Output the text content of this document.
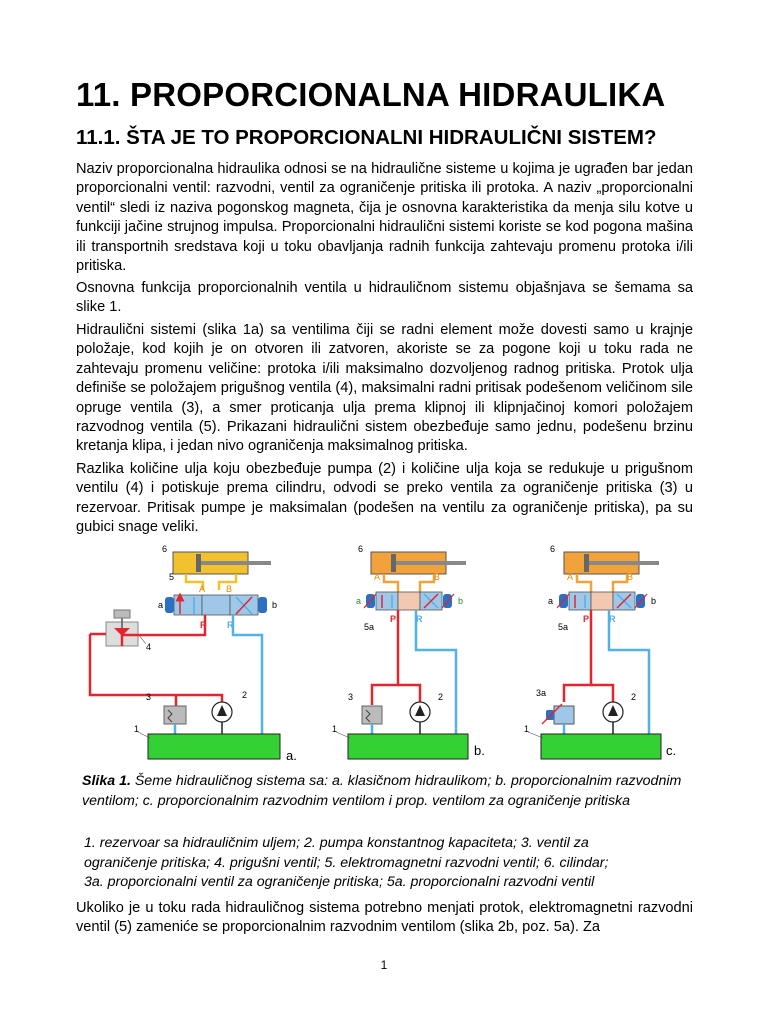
11. PROPORCIONALNA HIDRAULIKA
11.1. ŠTA JE TO PROPORCIONALNI HIDRAULIČNI SISTEM?

Naziv proporcionalna hidraulika odnosi se na hidraulične sisteme u kojima je ugrađen bar jedan proporcionalni ventil: razvodni, ventil za ograničenje pritiska ili protoka. A naziv „proporcionalni ventil“ sledi iz naziva pogonskog magneta, čija je osnovna karakteristika da menja silu kotve u funkciji jačine strujnog impulsa. Proporcionalni hidraulični sistemi koriste se kod pogona mašina ili transportnih sredstava koji u toku obavljanja radnih funkcija zahtevaju promenu protoka i/ili pritiska.

Osnovna funkcija proporcionalnih ventila u hidrauličnom sistemu objašnjava se šemama sa slike 1.

Hidraulični sistemi (slika 1a) sa ventilima čiji se radni element može dovesti samo u krajnje položaje, kod kojih je on otvoren ili zatvoren, akoriste se za pogone koji u toku rada ne zahtevaju promenu veličine: protoka i/ili maksimalno dozvoljenog radnog pritiska. Protok ulja definiše se položajem prigušnog ventila (4), maksimalni radni pritisak podešenom veličinom sile opruge ventila (3), a smer proticanja ulja prema klipnoj ili klipnjačinoj komori položajem razvodnog ventila (5). Prikazani hidraulični sistem obezbeđuje samo jednu, podešenu brzinu kretanja klipa, i jedan nivo ograničenja maksimalnog pritiska.

Razlika količine ulja koju obezbeđuje pumpa (2) i količine ulja koja se redukuje u prigušnom ventilu (4) i potiskuje prema cilindru, odvodi se preko ventila za ograničenje pritiska (3) u rezervoar. Pritisak pumpe je maksimalan (podešen na ventilu za ograničenje pritiska), pa su gubici snage veliki.

6
5
A B
a	b
P R
4
3	2
1
a.
6
A	B
a	b
P R
5a
3	2
1
b.
6
A	B
a	b
P R
5a
3a	2
1
c.

Slika 1. Šeme hidrauličnog sistema sa: a. klasičnom hidraulikom; b. proporcionalnim razvodnim ventilom; c. proporcionalnim razvodnim ventilom i prop. ventilom za ograničenje pritiska

1. rezervoar sa hidrauličnim uljem; 2. pumpa konstantnog kapaciteta; 3. ventil za
ograničenje pritiska; 4. prigušni ventil; 5. elektromagnetni razvodni ventil; 6. cilindar;
3a. proporcionalni ventil za ograničenje pritiska; 5a. proporcionalni razvodni ventil

Ukoliko je u toku rada hidrauličnog sistema potrebno menjati protok, elektromagnetni razvodni ventil (5) zameniće se proporcionalnim razvodnim ventilom (slika 2b, poz. 5a). Za

1
